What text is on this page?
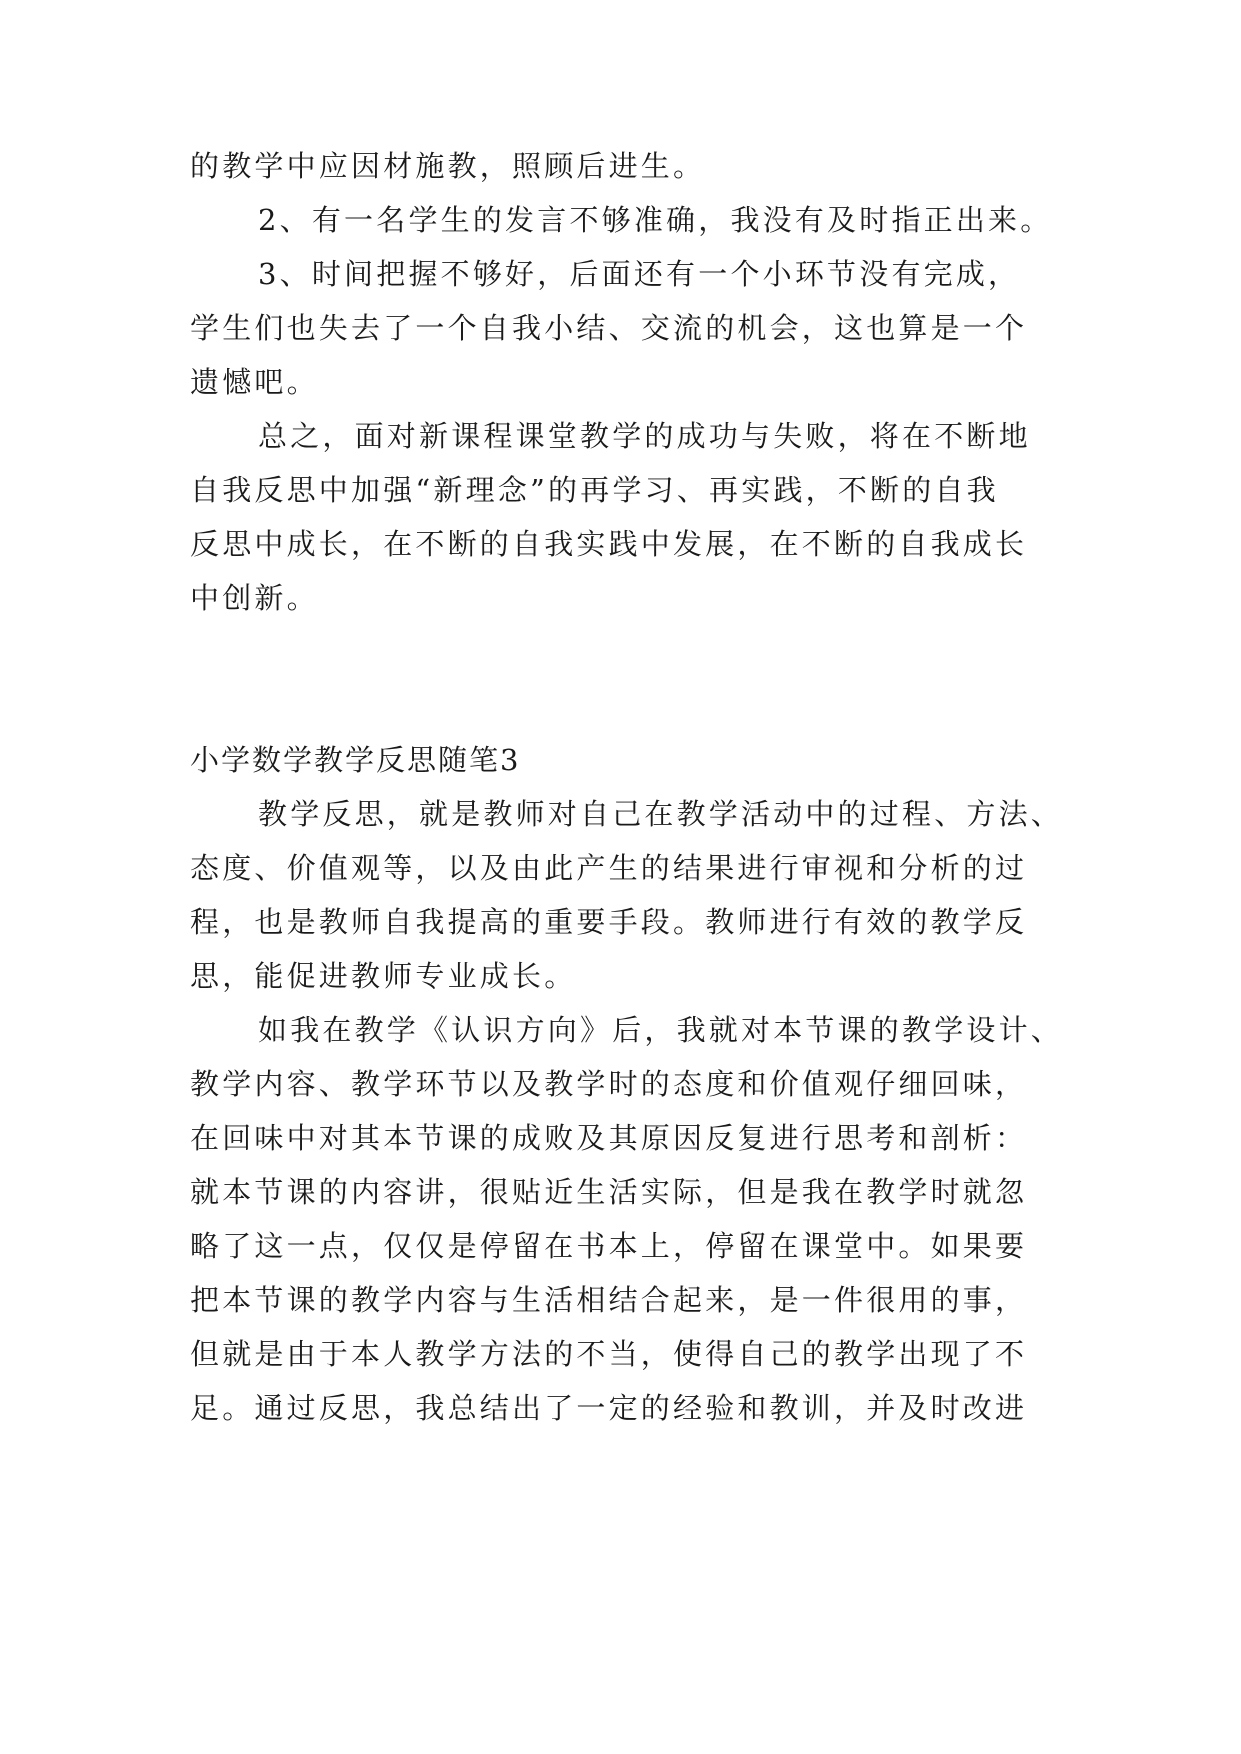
的教学中应因材施教，照顾后进生。
2、有一名学生的发言不够准确，我没有及时指正出来。
3、时间把握不够好，后面还有一个小环节没有完成，
学生们也失去了一个自我小结、交流的机会，这也算是一个
遗憾吧。
总之，面对新课程课堂教学的成功与失败，将在不断地
自我反思中加强“新理念”的再学习、再实践，不断的自我
反思中成长，在不断的自我实践中发展，在不断的自我成长
中创新。
小学数学教学反思随笔3
教学反思，就是教师对自己在教学活动中的过程、方法、
态度、价值观等，以及由此产生的结果进行审视和分析的过
程，也是教师自我提高的重要手段。教师进行有效的教学反
思，能促进教师专业成长。
如我在教学《认识方向》后，我就对本节课的教学设计、
教学内容、教学环节以及教学时的态度和价值观仔细回味，
在回味中对其本节课的成败及其原因反复进行思考和剖析：
就本节课的内容讲，很贴近生活实际，但是我在教学时就忽
略了这一点，仅仅是停留在书本上，停留在课堂中。如果要
把本节课的教学内容与生活相结合起来，是一件很用的事，
但就是由于本人教学方法的不当，使得自己的教学出现了不
足。通过反思，我总结出了一定的经验和教训，并及时改进
